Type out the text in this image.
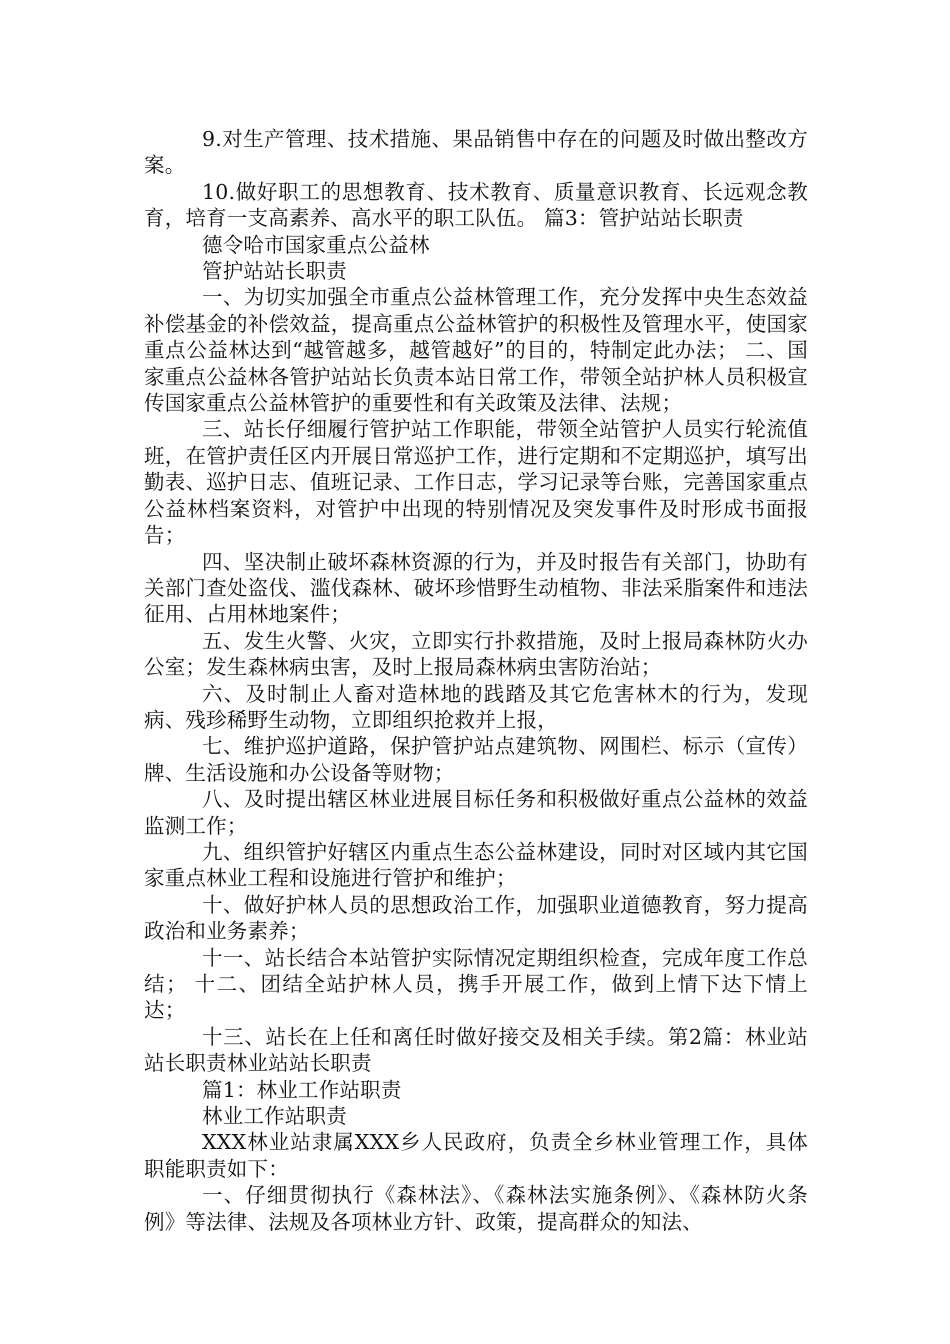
9.对生产管理、技术措施、果品销售中存在的问题及时做出整改方案。

10.做好职工的思想教育、技术教育、质量意识教育、长远观念教育，培育一支高素养、高水平的职工队伍。 篇3：管护站站长职责

德令哈市国家重点公益林

管护站站长职责

一、为切实加强全市重点公益林管理工作，充分发挥中央生态效益补偿基金的补偿效益，提高重点公益林管护的积极性及管理水平，使国家重点公益林达到“越管越多，越管越好”的目的，特制定此办法； 二、国家重点公益林各管护站站长负责本站日常工作，带领全站护林人员积极宣传国家重点公益林管护的重要性和有关政策及法律、法规；

三、站长仔细履行管护站工作职能，带领全站管护人员实行轮流值班，在管护责任区内开展日常巡护工作，进行定期和不定期巡护，填写出勤表、巡护日志、值班记录、工作日志，学习记录等台账，完善国家重点公益林档案资料，对管护中出现的特别情况及突发事件及时形成书面报告；

四、坚决制止破坏森林资源的行为，并及时报告有关部门，协助有关部门查处盗伐、滥伐森林、破坏珍惜野生动植物、非法采脂案件和违法征用、占用林地案件；

五、发生火警、火灾，立即实行扑救措施，及时上报局森林防火办公室；发生森林病虫害，及时上报局森林病虫害防治站；

六、及时制止人畜对造林地的践踏及其它危害林木的行为，发现病、残珍稀野生动物，立即组织抢救并上报，

七、维护巡护道路，保护管护站点建筑物、网围栏、标示（宣传）牌、生活设施和办公设备等财物；

八、及时提出辖区林业进展目标任务和积极做好重点公益林的效益监测工作；

九、组织管护好辖区内重点生态公益林建设，同时对区域内其它国家重点林业工程和设施进行管护和维护；

十、做好护林人员的思想政治工作，加强职业道德教育，努力提高政治和业务素养；

十一、站长结合本站管护实际情况定期组织检查，完成年度工作总结； 十二、团结全站护林人员，携手开展工作，做到上情下达下情上达；

十三、站长在上任和离任时做好接交及相关手续。第2篇：林业站站长职责林业站站长职责

篇1：林业工作站职责

林业工作站职责

XXX林业站隶属XXX乡人民政府，负责全乡林业管理工作，具体职能职责如下：

一、仔细贯彻执行《森林法》、《森林法实施条例》、《森林防火条例》等法律、法规及各项林业方针、政策，提高群众的知法、
